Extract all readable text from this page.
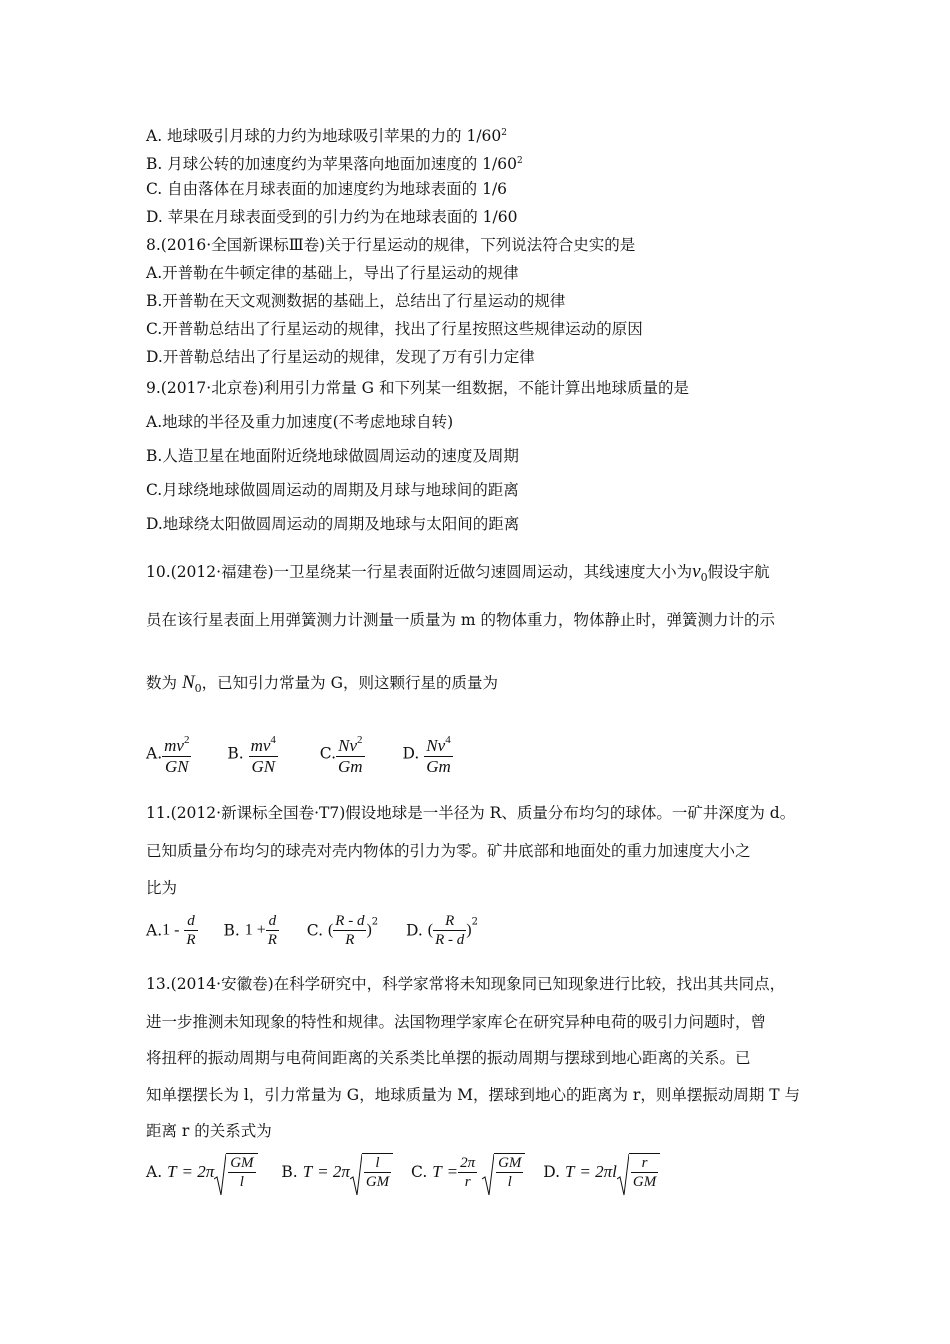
A. 地球吸引月球的力约为地球吸引苹果的力的 $1/60^2$
B. 月球公转的加速度约为苹果落向地面加速度的 $1/60^2$
C. 自由落体在月球表面的加速度约为地球表面的 1/6
D. 苹果在月球表面受到的引力约为在地球表面的 1/60
8.(2016·全国新课标Ⅲ卷)关于行星运动的规律，下列说法符合史实的是
A.开普勒在牛顿定律的基础上，导出了行星运动的规律
B.开普勒在天文观测数据的基础上，总结出了行星运动的规律
C.开普勒总结出了行星运动的规律，找出了行星按照这些规律运动的原因
D.开普勒总结出了行星运动的规律，发现了万有引力定律
9.(2017·北京卷)利用引力常量 G 和下列某一组数据，不能计算出地球质量的是
A.地球的半径及重力加速度(不考虑地球自转)
B.人造卫星在地面附近绕地球做圆周运动的速度及周期
C.月球绕地球做圆周运动的周期及月球与地球间的距离
D.地球绕太阳做圆周运动的周期及地球与太阳间的距离
10.(2012·福建卷)一卫星绕某一行星表面附近做匀速圆周运动，其线速度大小为$v_0$假设宇航
员在该行星表面上用弹簧测力计测量一质量为 m 的物体重力，物体静止时，弹簧测力计的示
数为 $N_0$，已知引力常量为 G，则这颗行星的质量为
A. $\frac{mv^2}{GN} B$. $\frac{mv^4}{GN}$	C. $\frac{Nv^2}{Gm} D$. $\frac{Nv^4}{Gm}$
11.(2012·新课标全国卷·T7)假设地球是一半径为 R、质量分布均匀的球体。一矿井深度为 d。
已知质量分布均匀的球壳对壳内物体的引力为零。矿井底部和地面处的重力加速度大小之
比为
$A.1 - \frac{d}{R} B$. $1 + \frac{d}{R} C$. ( $\frac{R - d}{R} )^2$ D. ( $\frac{R}{R - d} )^2$
13.(2014·安徽卷)在科学研究中，科学家常将未知现象同已知现象进行比较，找出其共同点，
进一步推测未知现象的特性和规律。法国物理学家库仑在研究异种电荷的吸引力问题时，曾
将扭秤的振动周期与电荷间距离的关系类比单摆的振动周期与摆球到地心距离的关系。已
知单摆摆长为 l，引力常量为 G，地球质量为 M，摆球到地心的距离为 r，则单摆振动周期 T 与
距离 r 的关系式为
A. $T = 2\pi \frac{GM}{l} B$. $T = 2\pi \frac{l}{GM} C$. $T = \frac{2\pi}{r}$
$\frac{GM}{l} D$. $T = 2\pi l \frac{r}{GM}$
